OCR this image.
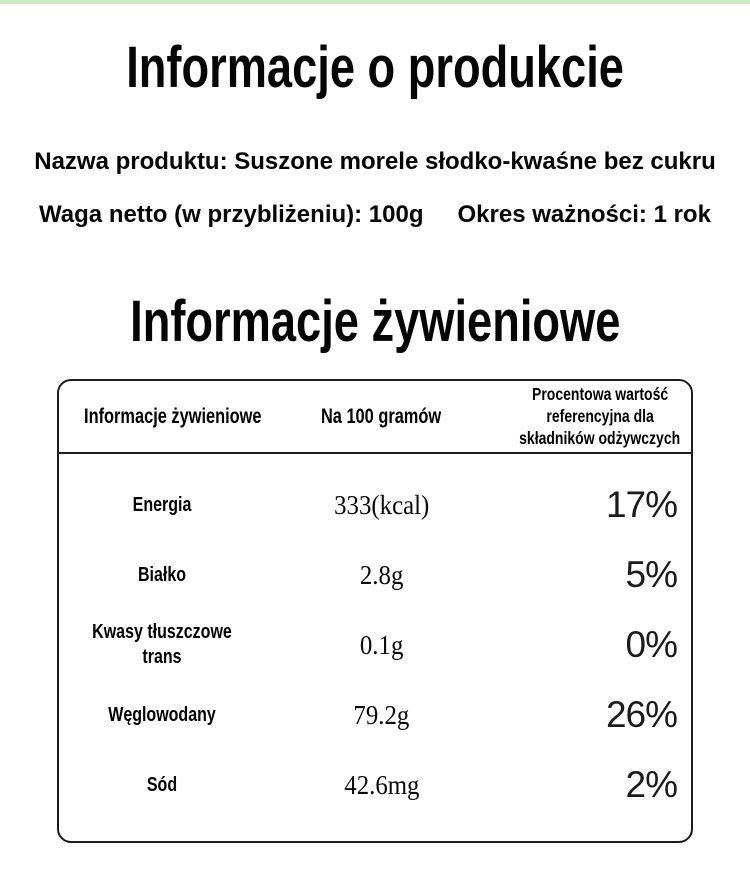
Informacje o produkcie
Nazwa produktu: Suszone morele słodko-kwaśne bez cukru
Waga netto (w przybliżeniu): 100g Okres ważności: 1 rok
Informacje żywieniowe
Informacje żywieniowe	Na 100 gramów
Procentowa wartość
referencyjna dla
składników odżywczych
Energia	333(kcal)	17%
Białko	2.8g	5%
Kwasy tłuszczowe trans	0.1g	0%
Węglowodany	79.2g	26%
Sód	42.6mg	2%
